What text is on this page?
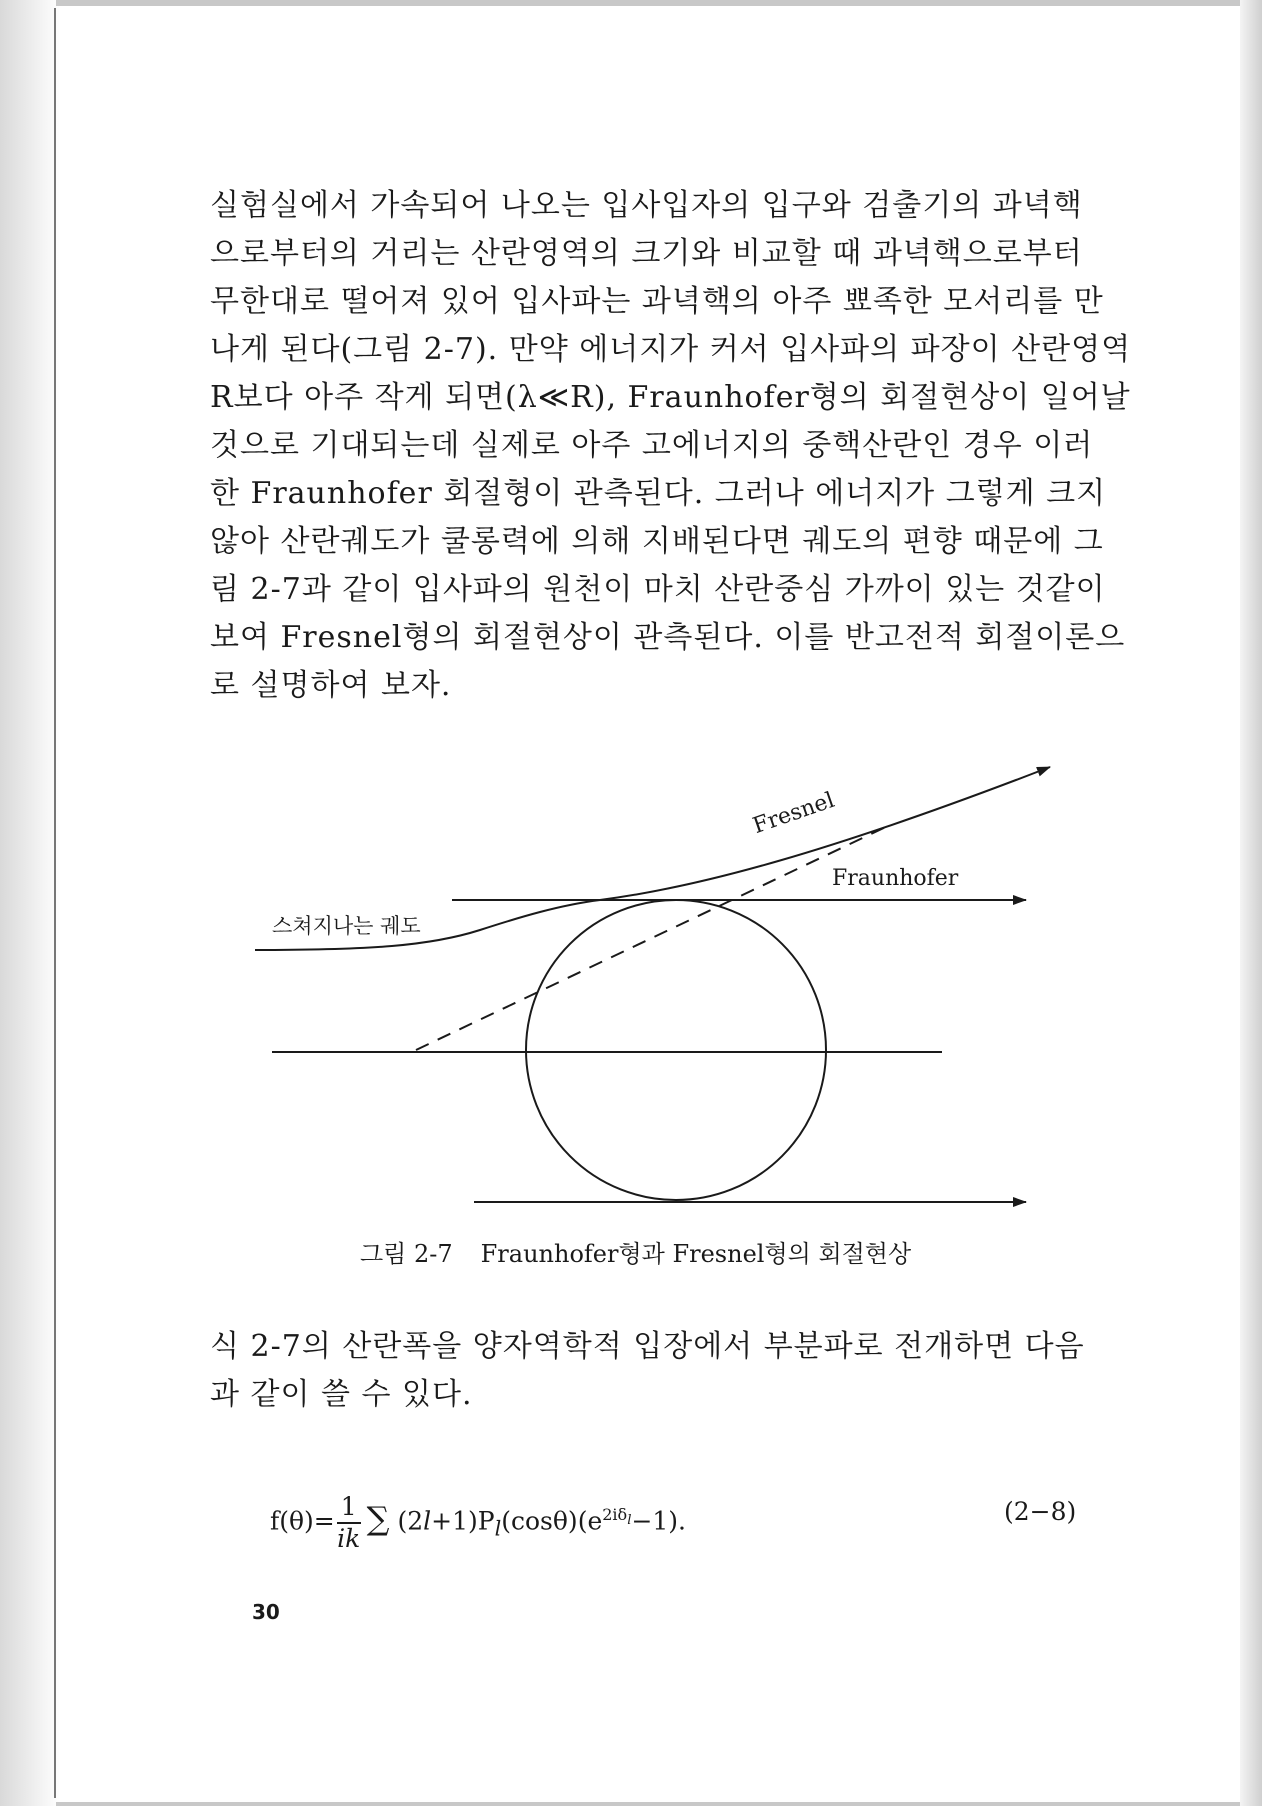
실험실에서 가속되어 나오는 입사입자의 입구와 검출기의 과녁핵
으로부터의 거리는 산란영역의 크기와 비교할 때 과녁핵으로부터
무한대로 떨어져 있어 입사파는 과녁핵의 아주 뾰족한 모서리를 만
나게 된다(그림 2-7). 만약 에너지가 커서 입사파의 파장이 산란영역
R보다 아주 작게 되면(λ≪R), Fraunhofer형의 회절현상이 일어날
것으로 기대되는데 실제로 아주 고에너지의 중핵산란인 경우 이러
한 Fraunhofer 회절형이 관측된다. 그러나 에너지가 그렇게 크지
않아 산란궤도가 쿨롱력에 의해 지배된다면 궤도의 편향 때문에 그
림 2-7과 같이 입사파의 원천이 마치 산란중심 가까이 있는 것같이
보여 Fresnel형의 회절현상이 관측된다. 이를 반고전적 회절이론으
로 설명하여 보자.
Fresnel
Fraunhofer
스쳐지나는 궤도
그림 2-7 Fraunhofer형과 Fresnel형의 회절현상
식 2-7의 산란폭을 양자역학적 입장에서 부분파로 전개하면 다음
과 같이 쓸 수 있다.
$f(\theta)= \frac{1}{ik}$ ∑ $(2l+1)P_l(\cos\theta)(e^{2i\delta_l}-1)$.	(2−8)
30
